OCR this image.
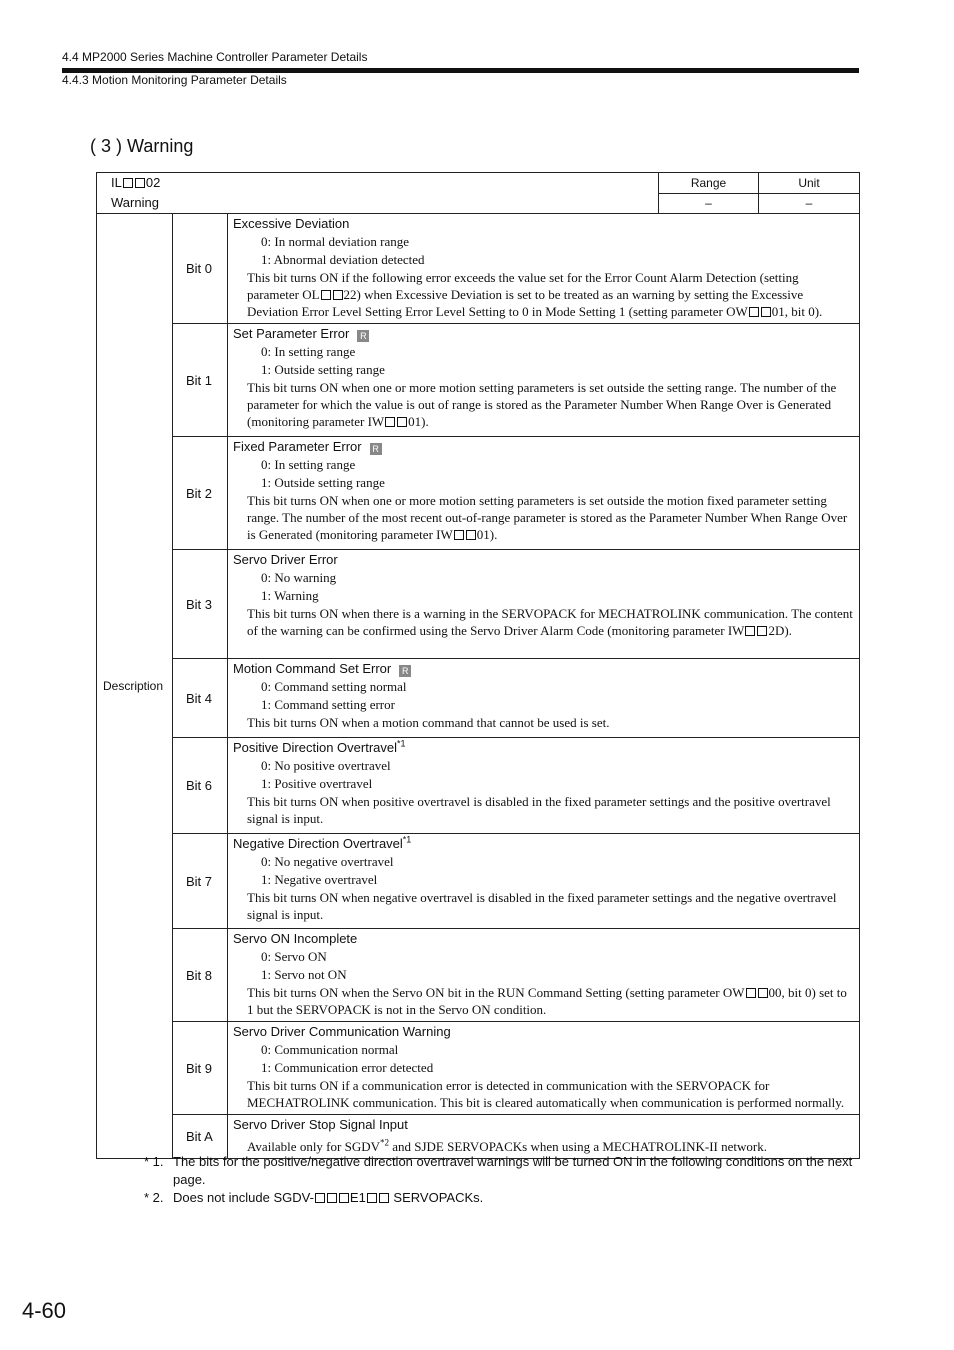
4.4 MP2000 Series Machine Controller Parameter Details
4.4.3 Motion Monitoring Parameter Details
( 3 ) Warning
IL 02
Warning			Range	Unit
			–	–
Description	Bit 0	Excessive Deviation
0: In normal deviation range
1: Abnormal deviation detected
This bit turns ON if the following error exceeds the value set for the Error Count Alarm Detection (setting parameter OL 22) when Excessive Deviation is set to be treated as an warning by setting the Excessive Deviation Error Level Setting Error Level Setting to 0 in Mode Setting 1 (setting parameter OW 01, bit 0).		

	Bit 1	Set Parameter Error R
0: In setting range
1: Outside setting range
This bit turns ON when one or more motion setting parameters is set outside the setting range. The number of the parameter for which the value is out of range is stored as the Parameter Number When Range Over is Generated (monitoring parameter IW 01).		

	Bit 2	Fixed Parameter Error R
0: In setting range
1: Outside setting range
This bit turns ON when one or more motion setting parameters is set outside the motion fixed parameter setting range. The number of the most recent out-of-range parameter is stored as the Parameter Number When Range Over is Generated (monitoring parameter IW 01).		

	Bit 3	Servo Driver Error
0: No warning
1: Warning
This bit turns ON when there is a warning in the SERVOPACK for MECHATROLINK communication. The content of the warning can be confirmed using the Servo Driver Alarm Code (monitoring parameter IW 2D).		

	Bit 4	Motion Command Set Error R
0: Command setting normal
1: Command setting error
This bit turns ON when a motion command that cannot be used is set.		

	Bit 6	Positive Direction Overtravel$^{*1}$
0: No positive overtravel
1: Positive overtravel
This bit turns ON when positive overtravel is disabled in the fixed parameter settings and the positive overtravel signal is input.		

	Bit 7	Negative Direction Overtravel$^{*1}$
0: No negative overtravel
1: Negative overtravel
This bit turns ON when negative overtravel is disabled in the fixed parameter settings and the negative overtravel signal is input.		

	Bit 8	Servo ON Incomplete
0: Servo ON
1: Servo not ON
This bit turns ON when the Servo ON bit in the RUN Command Setting (setting parameter OW 00, bit 0) set to 1 but the SERVOPACK is not in the Servo ON condition.		

	Bit 9	Servo Driver Communication Warning
0: Communication normal
1: Communication error detected
This bit turns ON if a communication error is detected in communication with the SERVOPACK for MECHATROLINK communication. This bit is cleared automatically when communication is performed normally.		

	Bit A	Servo Driver Stop Signal Input
Available only for SGDV$^{*2}$ and SJDE SERVOPACKs when using a MECHATROLINK-II network.		
* 1. The bits for the positive/negative direction overtravel warnings will be turned ON in the following conditions on the next page.
* 2. Does not include SGDV-	E1 SERVOPACKs.
4-60
